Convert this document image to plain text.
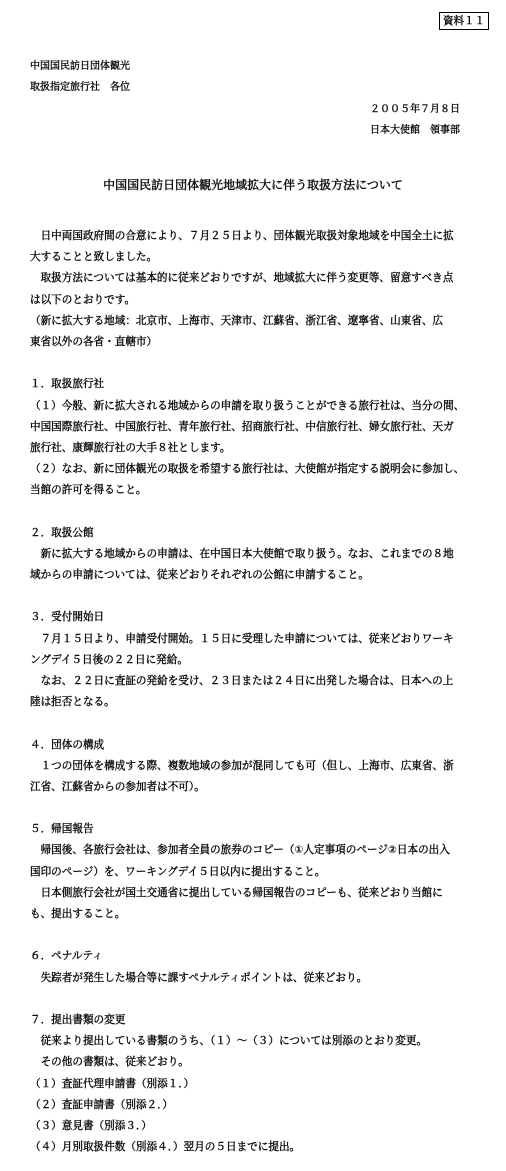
資料１１
中国国民訪日団体観光
取扱指定旅行社　各位
２００５年７月８日
日本大使館　領事部
中国国民訪日団体観光地域拡大に伴う取扱方法について
日中両国政府間の合意により、７月２５日より、団体観光取扱対象地域を中国全土に拡
大することと致しました。
取扱方法については基本的に従来どおりですが、地域拡大に伴う変更等、留意すべき点
は以下のとおりです。
（新に拡大する地域：北京市、上海市、天津市、江蘇省、浙江省、遼寧省、山東省、広
東省以外の各省・直轄市）
１．取扱旅行社
（１）今般、新に拡大される地域からの申請を取り扱うことができる旅行社は、当分の間、
中国国際旅行社、中国旅行社、青年旅行社、招商旅行社、中信旅行社、婦女旅行社、天ガ
旅行社、康輝旅行社の大手８社とします。
（２）なお、新に団体観光の取扱を希望する旅行社は、大使館が指定する説明会に参加し、
当館の許可を得ること。
２．取扱公館
新に拡大する地域からの申請は、在中国日本大使館で取り扱う。なお、これまでの８地
域からの申請については、従来どおりそれぞれの公館に申請すること。
３．受付開始日
７月１５日より、申請受付開始。１５日に受理した申請については、従来どおりワーキ
ングデイ５日後の２２日に発給。
なお、２２日に査証の発給を受け、２３日または２４日に出発した場合は、日本への上
陸は拒否となる。
４．団体の構成
１つの団体を構成する際、複数地域の参加が混同しても可（但し、上海市、広東省、浙
江省、江蘇省からの参加者は不可）。
５．帰国報告
帰国後、各旅行会社は、参加者全員の旅券のコピー（①人定事項のページ②日本の出入
国印のページ）を、ワーキングデイ５日以内に提出すること。
日本側旅行会社が国土交通省に提出している帰国報告のコピーも、従来どおり当館に
も、提出すること。
６．ペナルティ
失踪者が発生した場合等に課すペナルティポイントは、従来どおり。
７．提出書類の変更
従来より提出している書類のうち、（１）～（３）については別添のとおり変更。
その他の書類は、従来どおり。
（１）査証代理申請書（別添１．）
（２）査証申請書（別添２．）
（３）意見書（別添３．）
（４）月別取扱件数（別添４．）翌月の５日までに提出。
